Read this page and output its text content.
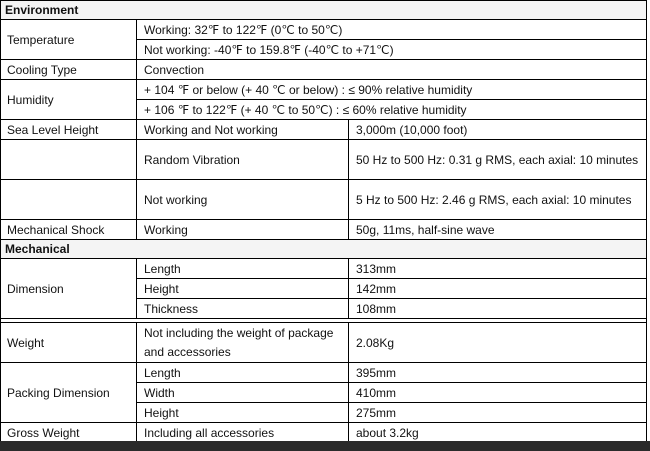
Environment		
Temperature	Working: 32℉ to 122℉ (0℃ to 50℃)	
	Not working: -40℉ to 159.8℉ (-40℃ to +71℃)	
Cooling Type	Convection	
Humidity	+ 104 ℉ or below (+ 40 ℃ or below) : ≤ 90% relative humidity	
	+ 106 ℉ to 122℉ (+ 40 ℃ to 50℃) : ≤ 60% relative humidity	
Sea Level Height	Working and Not working	3,000m (10,000 foot)
	Random Vibration	50 Hz to 500 Hz: 0.31 g RMS, each axial: 10 minutes
	Not working	5 Hz to 500 Hz: 2.46 g RMS, each axial: 10 minutes
Mechanical Shock	Working	50g, 11ms, half-sine wave
Mechanical		
Dimension	Length	313mm
	Height	142mm
	Thickness	108mm

Weight	Not including the weight of package and accessories	2.08Kg
Packing Dimension	Length	395mm
	Width	410mm
	Height	275mm
Gross Weight	Including all accessories	about 3.2kg
